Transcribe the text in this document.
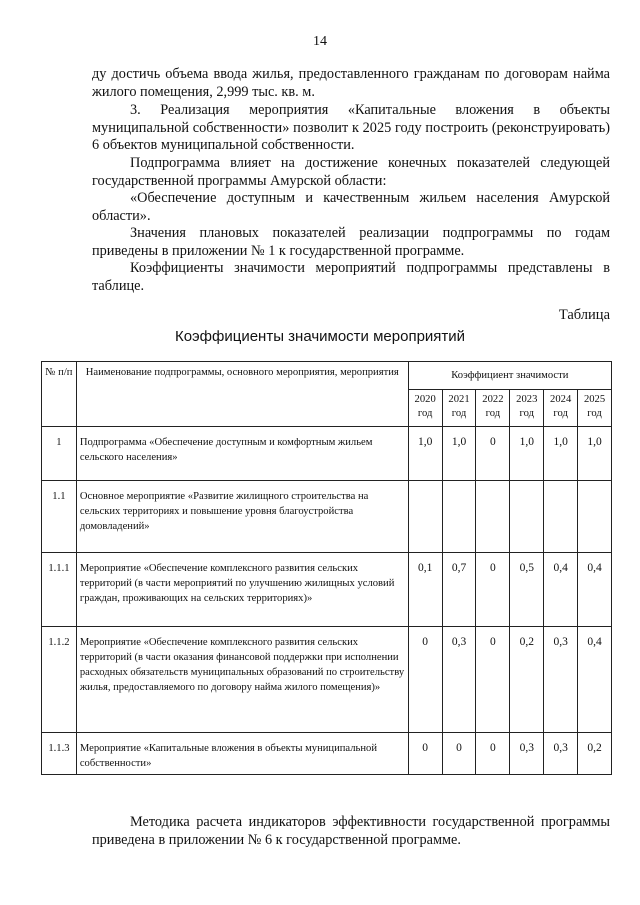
14

ду достичь объема ввода жилья, предоставленного гражданам по договорам найма жилого помещения, 2,999 тыс. кв. м.

3. Реализация мероприятия «Капитальные вложения в объекты муниципальной собственности» позволит к 2025 году построить (реконструировать) 6 объектов муниципальной собственности.

Подпрограмма влияет на достижение конечных показателей следующей государственной программы Амурской области:

«Обеспечение доступным и качественным жильем населения Амурской области».

Значения плановых показателей реализации подпрограммы по годам приведены в приложении № 1 к государственной программе.

Коэффициенты значимости мероприятий подпрограммы представлены в таблице.

Таблица
Коэффициенты значимости мероприятий
№ п/п	Наименование подпрограммы, основного мероприятия, мероприятия	Коэффициент значимости					
		2020 год	2021 год	2022 год	2023 год	2024 год	2025 год
1	Подпрограмма «Обеспечение доступным и комфортным жильем сельского населения»	1,0	1,0	0	1,0	1,0	1,0
1.1	Основное мероприятие «Развитие жилищного строительства на сельских территориях и повышение уровня благоустройства домовладений»						

1.1.1	Мероприятие «Обеспечение комплексного развития сельских территорий (в части мероприятий по улучшению жилищных условий граждан, проживающих на сельских территориях)»	0,1	0,7	0	0,5	0,4	0,4
1.1.2	Мероприятие «Обеспечение комплексного развития сельских территорий (в части оказания финансовой поддержки при исполнении расходных обязательств муниципальных образований по строительству жилья, предоставляемого по договору найма жилого помещения)»	0	0,3	0	0,2	0,3	0,4
1.1.3	Мероприятие «Капитальные вложения в объекты муниципальной собственности»	0	0	0	0,3	0,3	0,2

Методика расчета индикаторов эффективности государственной программы приведена в приложении № 6 к государственной программе.
